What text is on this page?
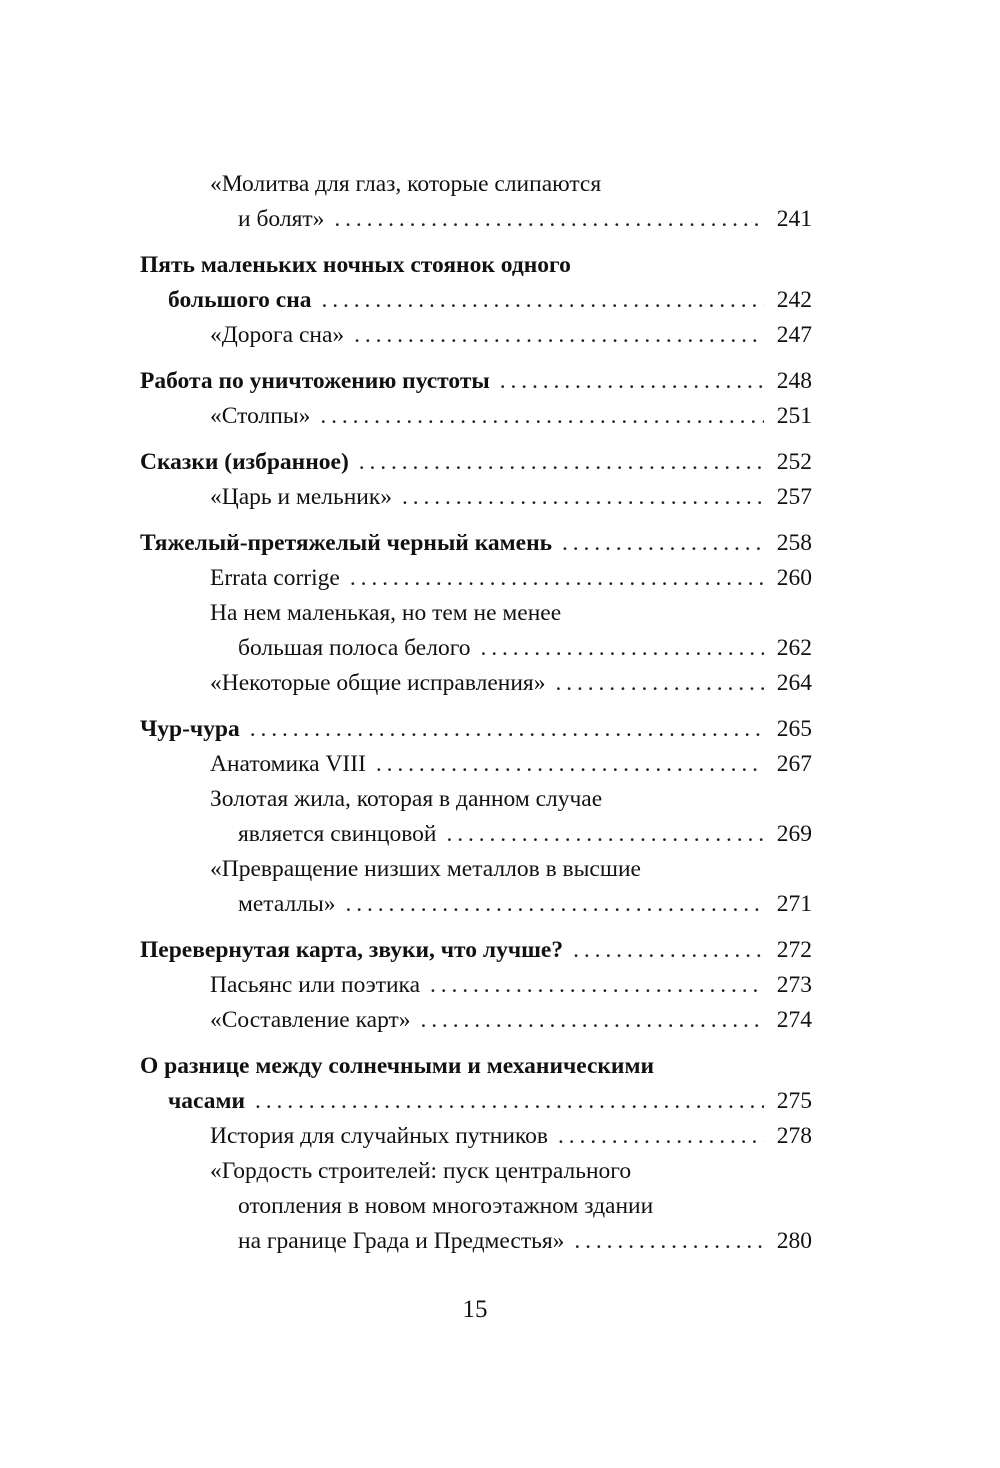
«Молитва для глаз, которые слипаются
и болят» . . .	241
Пять маленьких ночных стоянок одного
большого сна . . .	242
«Дорога сна» . . .	247
Работа по уничтожению пустоты . . .	248
«Столпы» . . .	251
Сказки (избранное) . . .	252
«Царь и мельник» . . .	257
Тяжелый-претяжелый черный камень . . .	258
Errata corrige . . .	260
На нем маленькая, но тем не менее
большая полоса белого . . .	262
«Некоторые общие исправления» . . .	264
Чур-чура . . .	265
Анатомика VIII . . .	267
Золотая жила, которая в данном случае
является свинцовой . . .	269
«Превращение низших металлов в высшие
металлы» . . .	271
Перевернутая карта, звуки, что лучше? . . .	272
Пасьянс или поэтика . . .	273
«Составление карт» . . .	274
О разнице между солнечными и механическими
часами . . .	275
История для случайных путников . . .	278
«Гордость строителей: пуск центрального
отопления в новом многоэтажном здании
на границе Града и Предместья» . . .	280
15
